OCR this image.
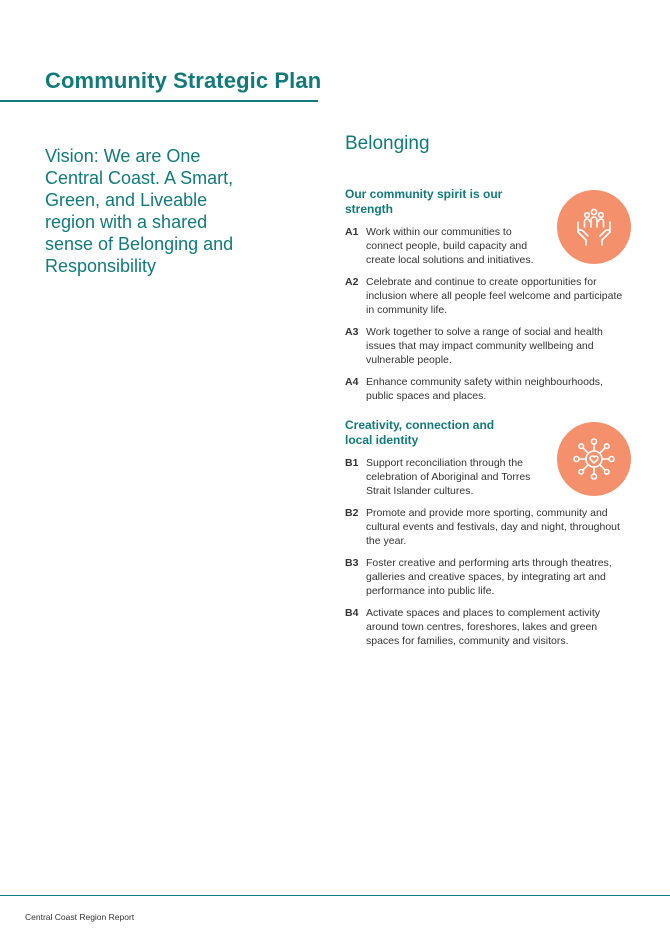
Community Strategic Plan

Vision: We are One Central Coast. A Smart, Green, and Liveable region with a shared sense of Belonging and Responsibility

Belonging
Our community spirit is our strength
A1 Work within our communities to connect people, build capacity and create local solutions and initiatives.
A2 Celebrate and continue to create opportunities for inclusion where all people feel welcome and participate in community life.
A3 Work together to solve a range of social and health issues that may impact community wellbeing and vulnerable people.
A4 Enhance community safety within neighbourhoods, public spaces and places.
Creativity, connection and local identity
B1 Support reconciliation through the celebration of Aboriginal and Torres Strait Islander cultures.
B2 Promote and provide more sporting, community and cultural events and festivals, day and night, throughout the year.
B3 Foster creative and performing arts through theatres, galleries and creative spaces, by integrating art and performance into public life.
B4 Activate spaces and places to complement activity around town centres, foreshores, lakes and green spaces for families, community and visitors.
Central Coast Region Report
